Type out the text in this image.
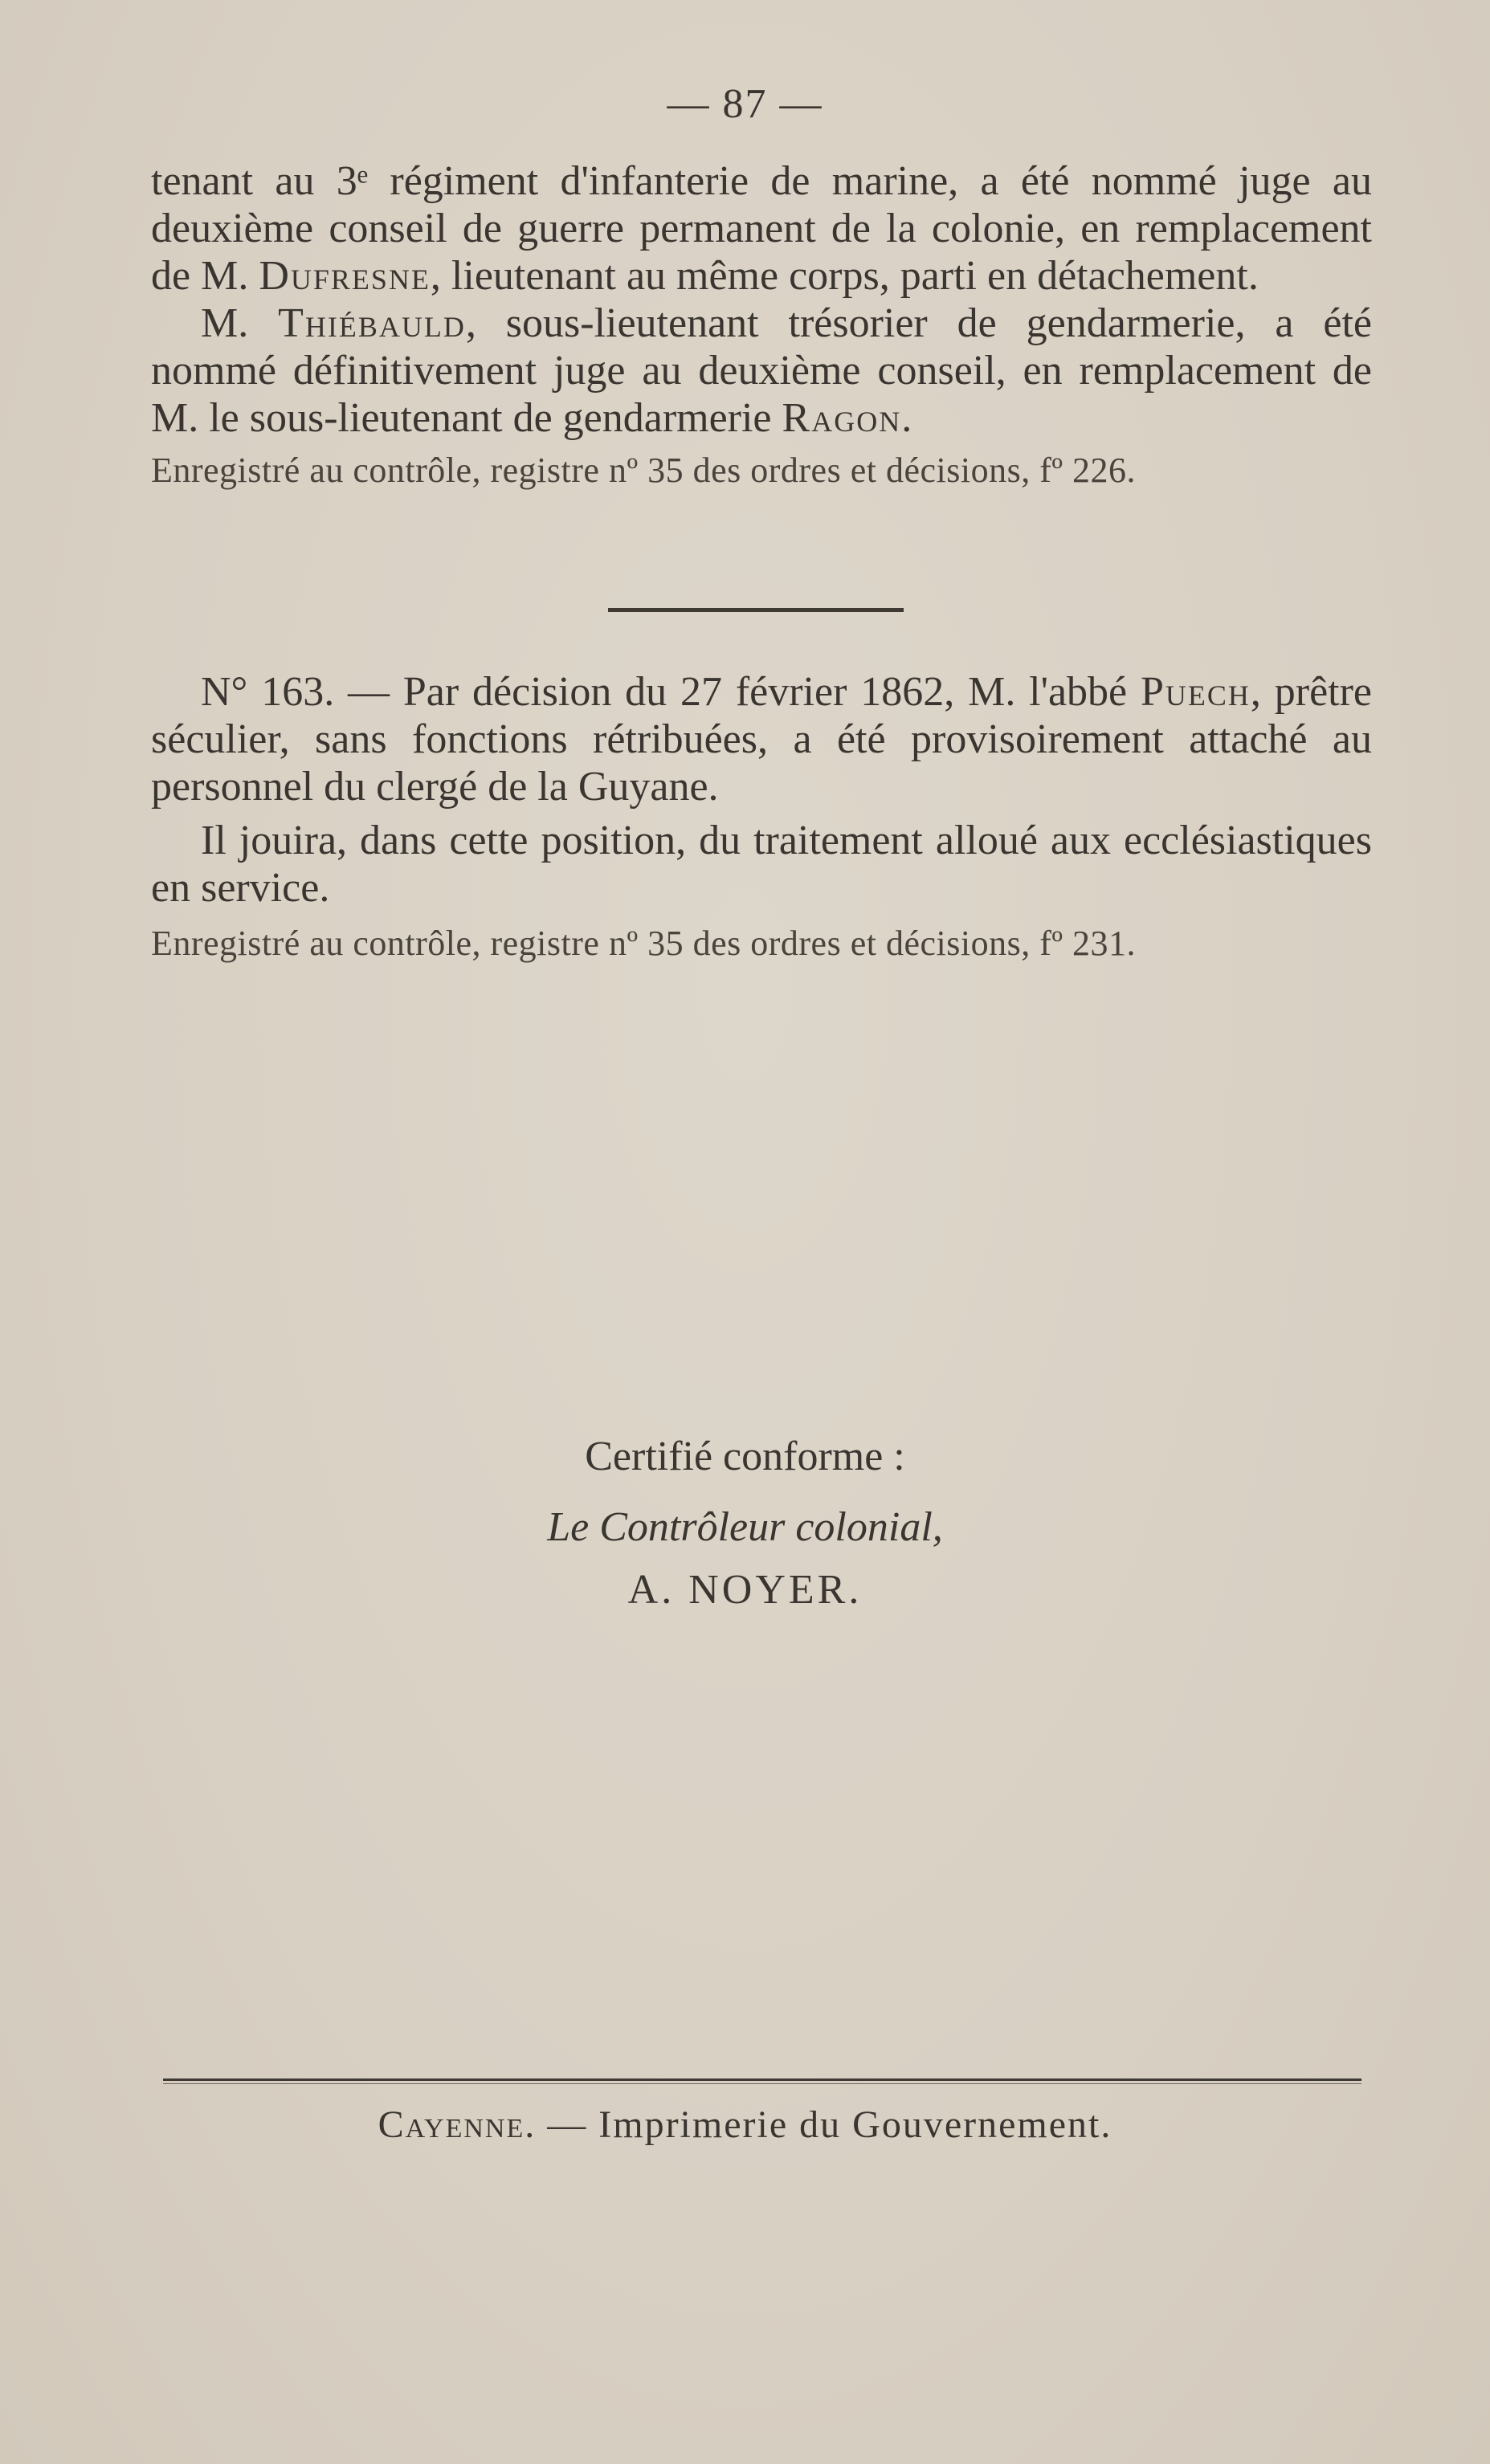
— 87 —

tenant au 3ᵉ régiment d'infanterie de marine, a été nommé juge au deuxième conseil de guerre permanent de la colonie, en remplacement de M. Dufresne, lieutenant au même corps, parti en détachement.

M. Thiébauld, sous-lieutenant trésorier de gendarmerie, a été nommé définitivement juge au deuxième conseil, en remplacement de M. le sous-lieutenant de gendarmerie Ragon.

Enregistré au contrôle, registre nº 35 des ordres et décisions, fº 226.

N° 163. — Par décision du 27 février 1862, M. l'abbé Puech, prêtre séculier, sans fonctions rétribuées, a été provisoirement attaché au personnel du clergé de la Guyane.

Il jouira, dans cette position, du traitement alloué aux ecclésiastiques en service.

Enregistré au contrôle, registre nº 35 des ordres et décisions, fº 231.

Certifié conforme :
Le Contrôleur colonial,
A. NOYER.
Cayenne. — Imprimerie du Gouvernement.
